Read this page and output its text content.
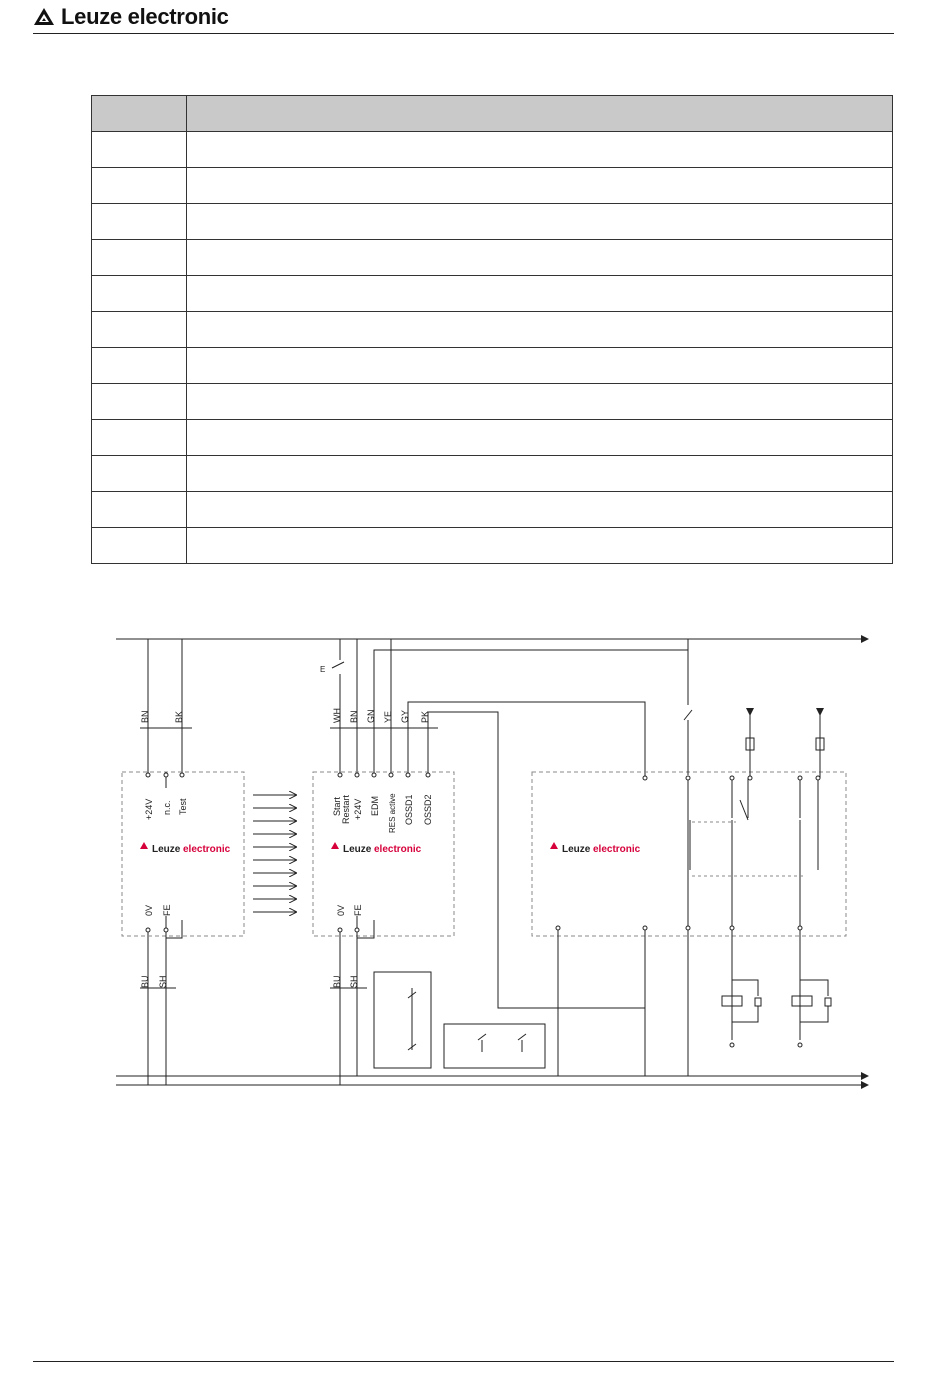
Leuze electronic

BN	BK
+24V n.c. Test
0V FE
BU SH
Leuze electronic
E
WH BN GN YE GY PK
Start Restart +24V EDM RES active OSSD1 OSSD2
0V FE
BU SH
Leuze electronic	Leuze electronic
